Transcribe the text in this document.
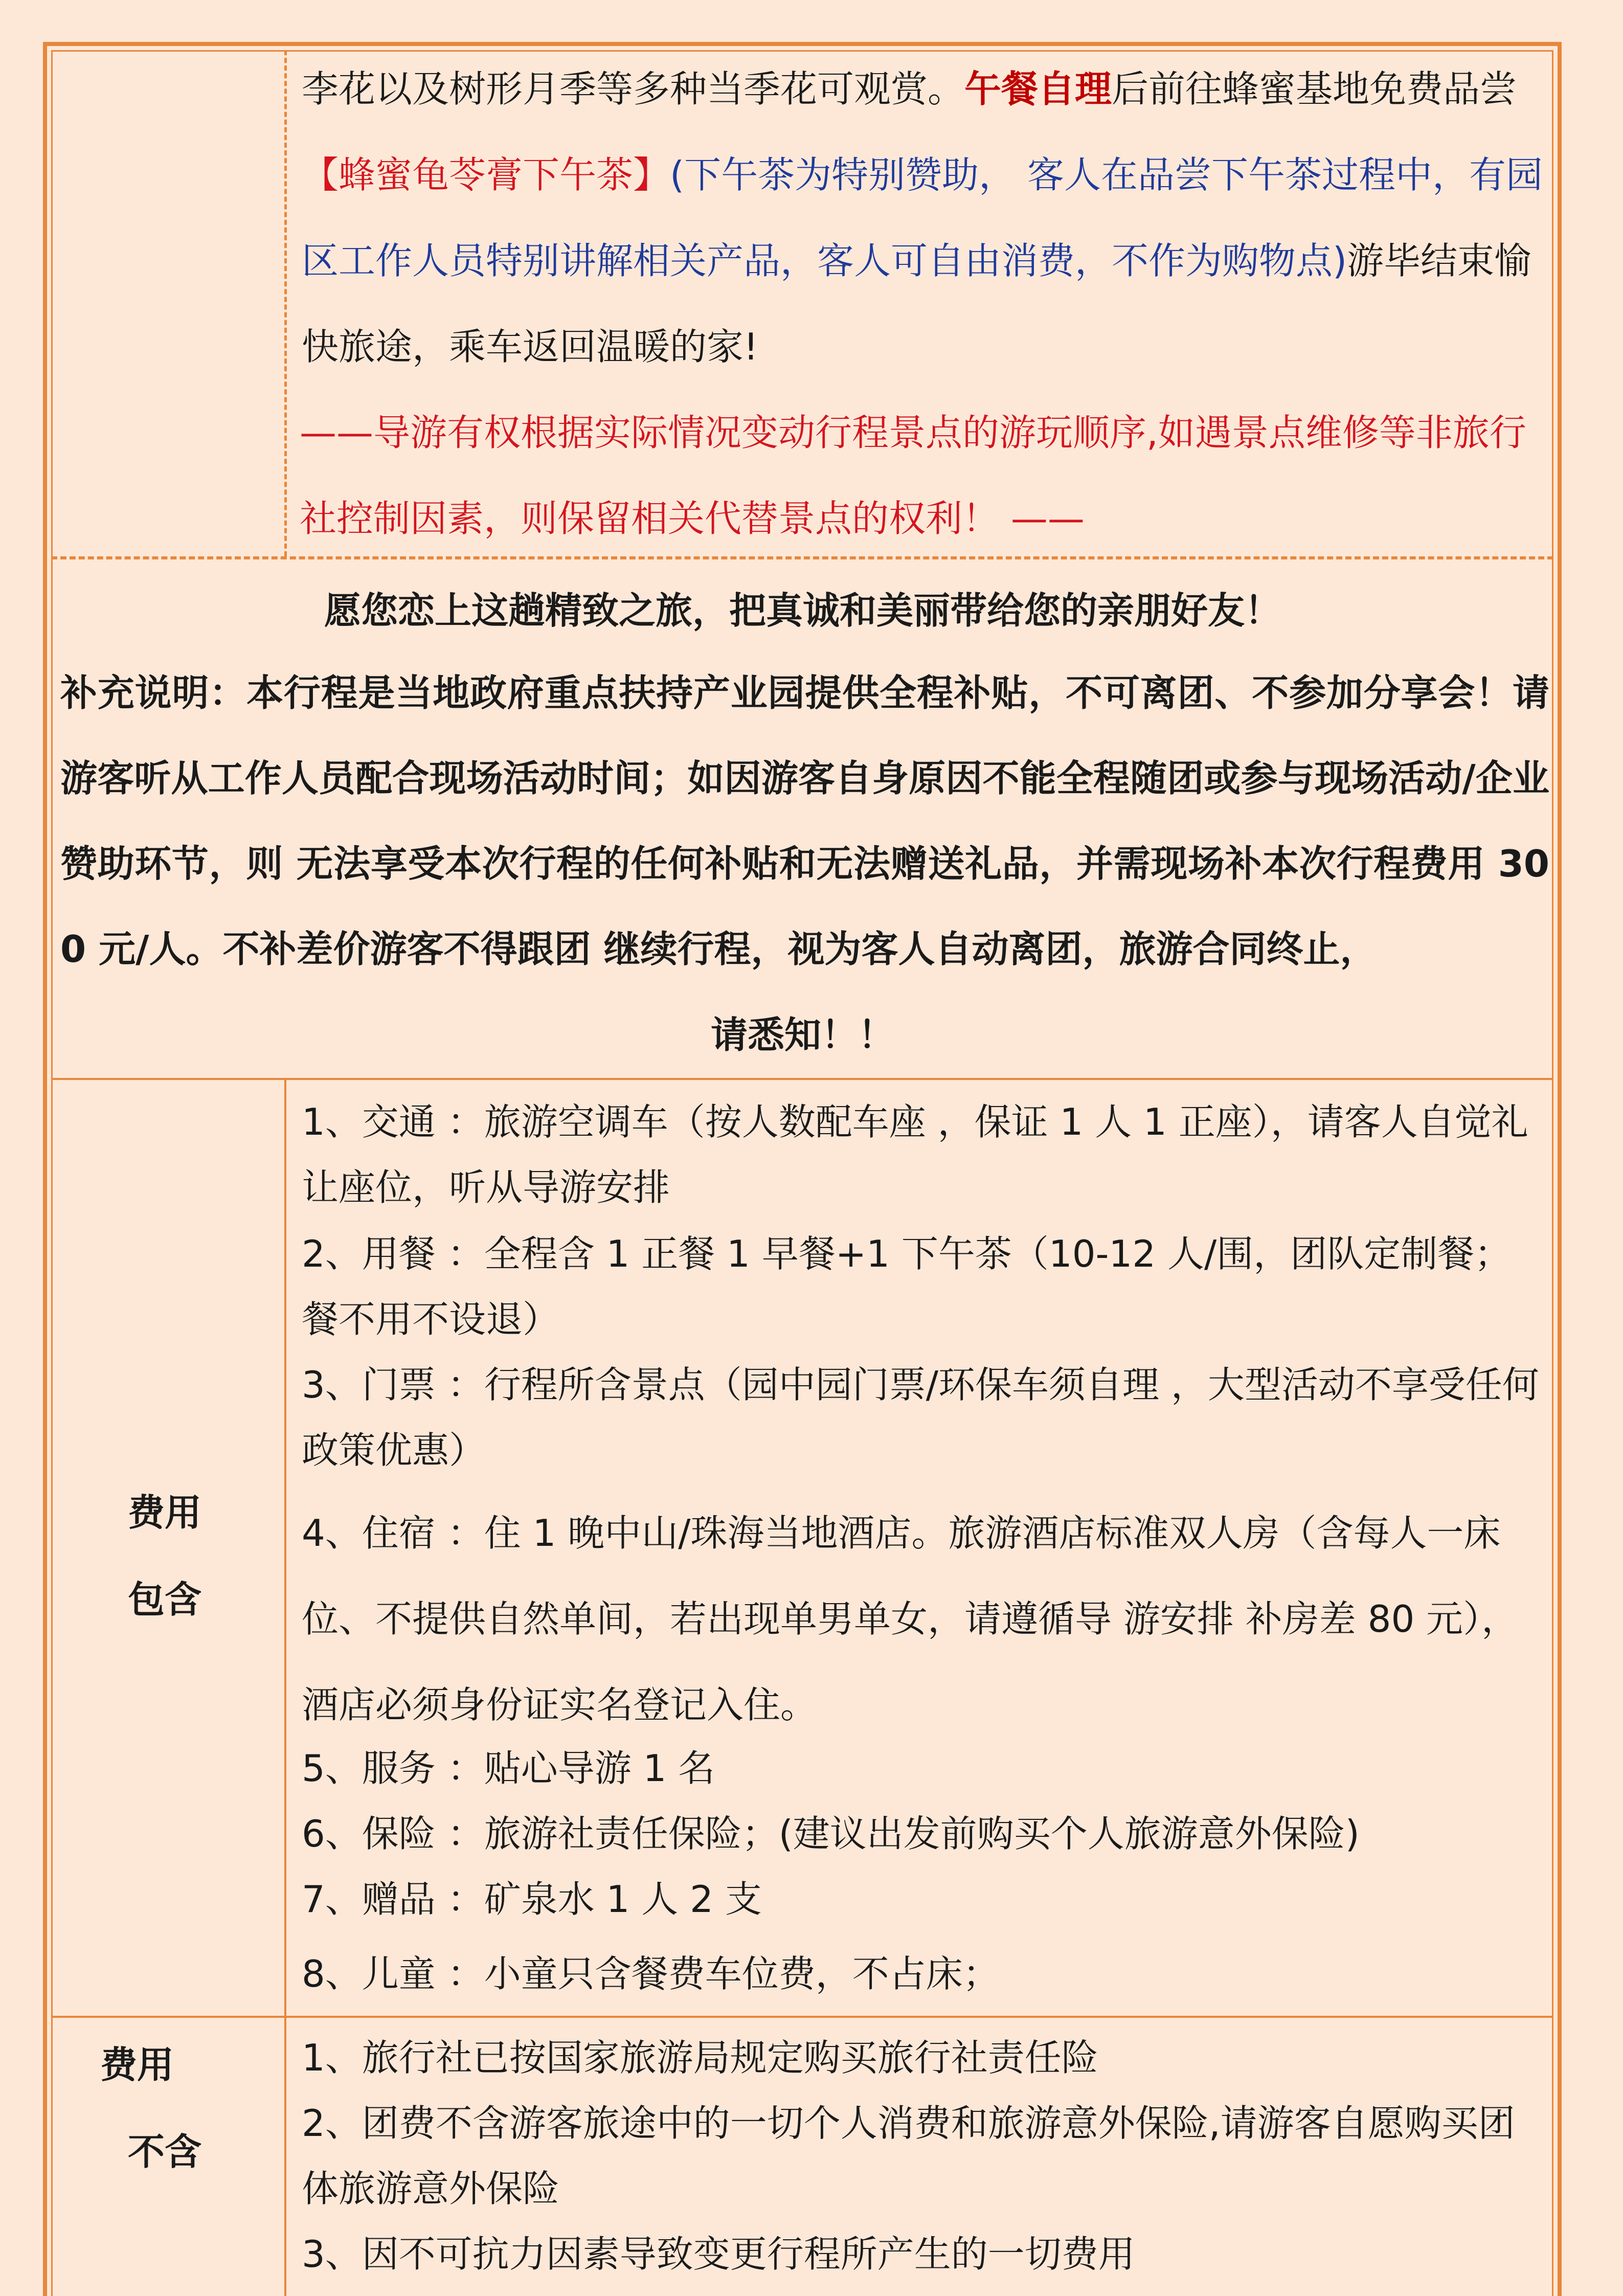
李花以及树形月季等多种当季花可观赏。午餐自理后前往蜂蜜基地免费品尝【蜂蜜龟苓膏下午茶】(下午茶为特别赞助， 客人在品尝下午茶过程中，有园区工作人员特别讲解相关产品，客人可自由消费，不作为购物点)游毕结束愉快旅途，乘车返回温暖的家!
——导游有权根据实际情况变动行程景点的游玩顺序,如遇景点维修等非旅行社控制因素，则保留相关代替景点的权利！ ——
愿您恋上这趟精致之旅，把真诚和美丽带给您的亲朋好友！
补充说明：本行程是当地政府重点扶持产业园提供全程补贴，不可离团、不参加分享会！请游客听从工作人员配合现场活动时间；如因游客自身原因不能全程随团或参与现场活动/企业赞助环节，则 无法享受本次行程的任何补贴和无法赠送礼品，并需现场补本次行程费用 300 元/人。不补差价游客不得跟团 继续行程，视为客人自动离团，旅游合同终止，
请悉知！！
费用
包含
1、交通 ：旅游空调车（按人数配车座 ，保证 1 人 1 正座），请客人自觉礼让座位，听从导游安排
2、用餐 ：全程含 1 正餐 1 早餐+1 下午茶（10-12 人/围，团队定制餐；餐不用不设退）
3、门票 ：行程所含景点（园中园门票/环保车须自理 ，大型活动不享受任何政策优惠）
4、住宿 ：住 1 晚中山/珠海当地酒店。旅游酒店标准双人房（含每人一床位、不提供自然单间，若出现单男单女，请遵循导 游安排 补房差 80 元），酒店必须身份证实名登记入住。
5、服务 ：贴心导游 1 名
6、保险 ：旅游社责任保险；(建议出发前购买个人旅游意外保险)
7、赠品 ：矿泉水 1 人 2 支
8、儿童 ：小童只含餐费车位费，不占床；
费用
不含
1、旅行社已按国家旅游局规定购买旅行社责任险
2、团费不含游客旅途中的一切个人消费和旅游意外保险,请游客自愿购买团体旅游意外保险
3、因不可抗力因素导致变更行程所产生的一切费用
